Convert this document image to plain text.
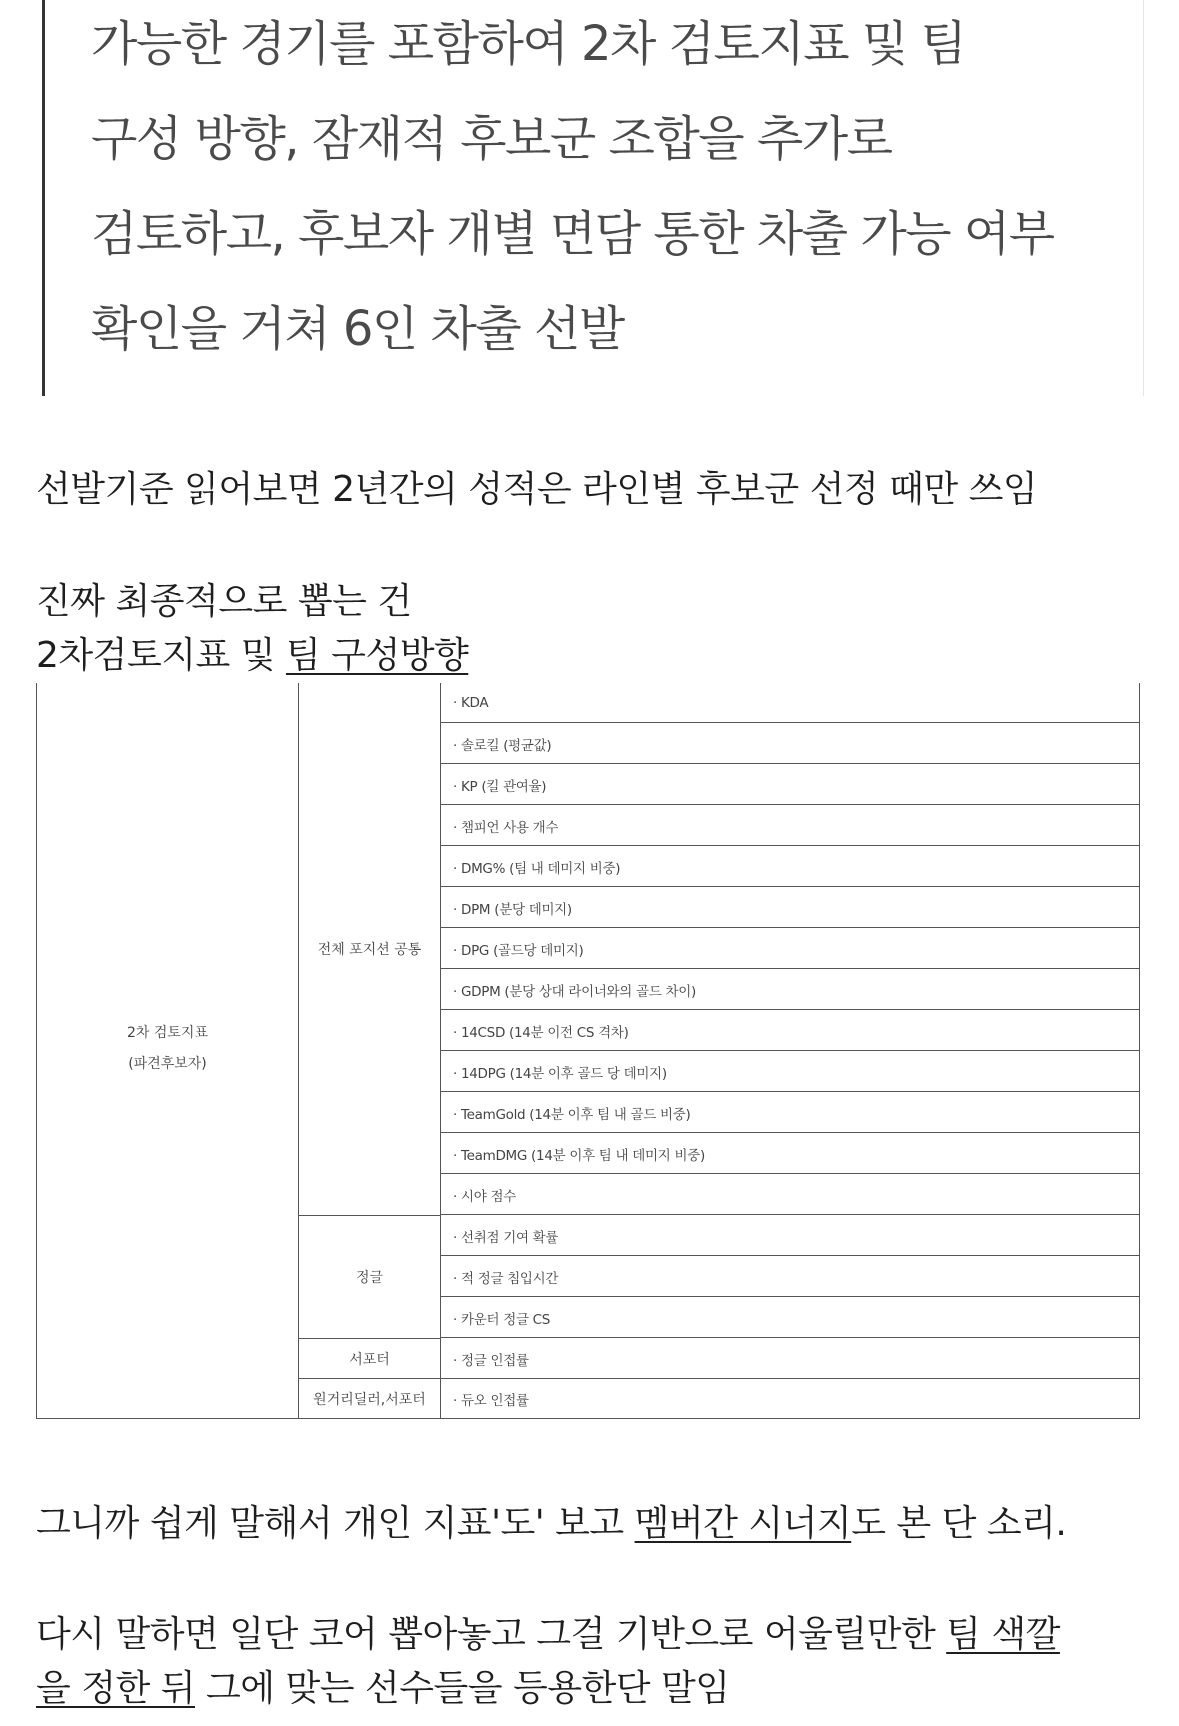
가능한 경기를 포함하여 2차 검토지표 및 팀
구성 방향, 잠재적 후보군 조합을 추가로
검토하고, 후보자 개별 면담 통한 차출 가능 여부
확인을 거쳐 6인 차출 선발
선발기준 읽어보면 2년간의 성적은 라인별 후보군 선정 때만 쓰임
진짜 최종적으로 뽑는 건
2차검토지표 및 팀 구성방향
2차 검토지표
(파견후보자)
전체 포지션 공통
정글
서포터
원거리딜러,서포터
· KDA
· 솔로킬 (평균값)
· KP (킬 관여율)
· 챔피언 사용 개수
· DMG% (팀 내 데미지 비중)
· DPM (분당 데미지)
· DPG (골드당 데미지)
· GDPM (분당 상대 라이너와의 골드 차이)
· 14CSD (14분 이전 CS 격차)
· 14DPG (14분 이후 골드 당 데미지)
· TeamGold (14분 이후 팀 내 골드 비중)
· TeamDMG (14분 이후 팀 내 데미지 비중)
· 시야 점수
· 선취점 기여 확률
· 적 정글 침입시간
· 카운터 정글 CS
· 정글 인접률
· 듀오 인접률
그니까 쉽게 말해서 개인 지표'도' 보고 멤버간 시너지도 본 단 소리.
다시 말하면 일단 코어 뽑아놓고 그걸 기반으로 어울릴만한 팀 색깔
을 정한 뒤 그에 맞는 선수들을 등용한단 말임
